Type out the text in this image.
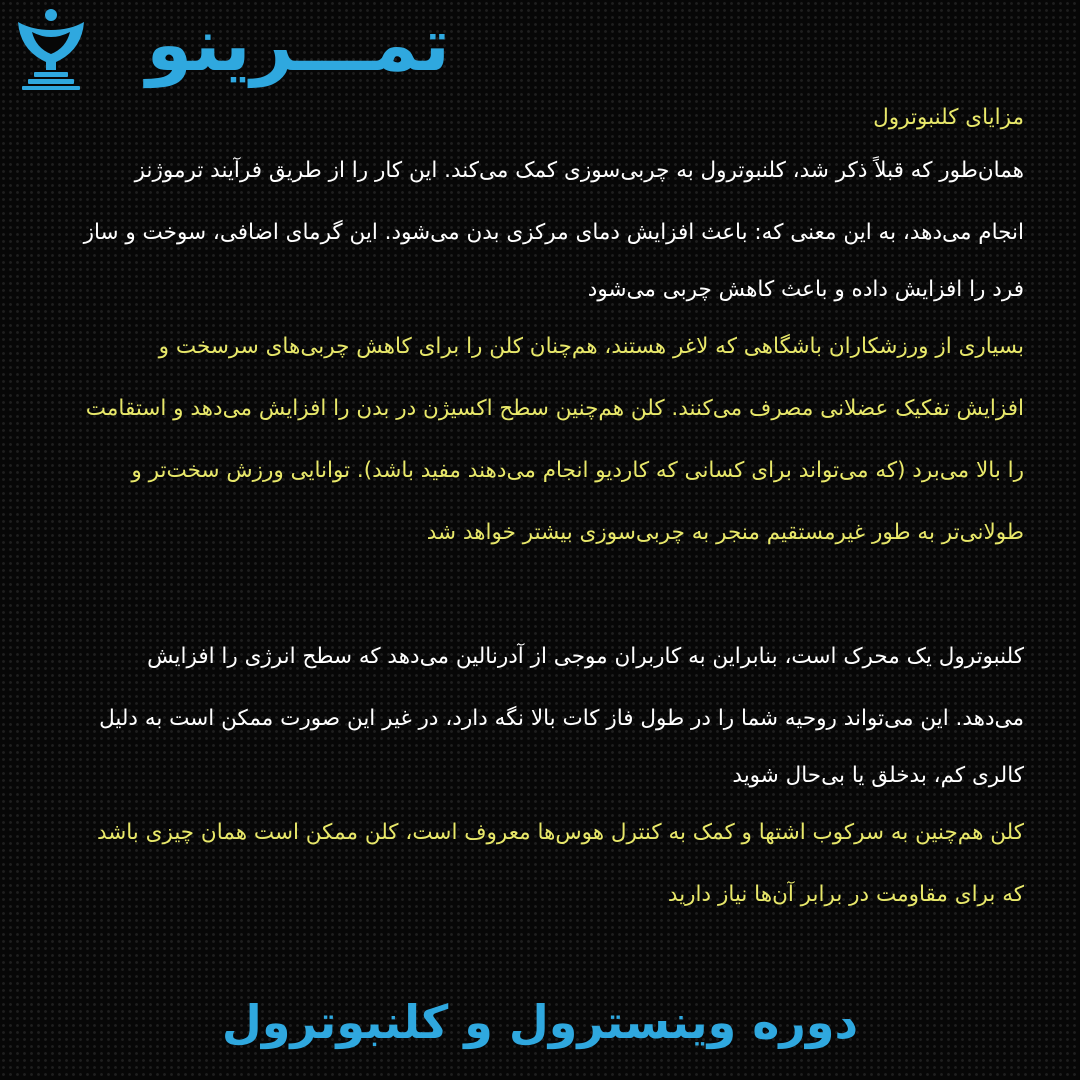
تمـــرینو
مزایای کلنبوترول
همان‌طور که قبلاً ذکر شد، کلنبوترول به چربی‌سوزی کمک می‌کند. این کار را از طریق فرآیند ترموژنز
انجام می‌دهد، به این معنی که: باعث افزایش دمای مرکزی بدن می‌شود. این گرمای اضافی، سوخت و ساز
فرد را افزایش داده و باعث کاهش چربی می‌شود
بسیاری از ورزشکاران باشگاهی که لاغر هستند، هم‌چنان کلن را برای کاهش چربی‌های سرسخت و
افزایش تفکیک عضلانی مصرف می‌کنند. کلن هم‌چنین سطح اکسیژن در بدن را افزایش می‌دهد و استقامت
را بالا می‌برد (که می‌تواند برای کسانی که کاردیو انجام می‌دهند مفید باشد). توانایی ورزش سخت‌تر و
طولانی‌تر به طور غیرمستقیم منجر به چربی‌سوزی بیشتر خواهد شد
کلنبوترول یک محرک است، بنابراین به کاربران موجی از آدرنالین می‌دهد که سطح انرژی را افزایش
می‌دهد. این می‌تواند روحیه شما را در طول فاز کات بالا نگه دارد، در غیر این صورت ممکن است به دلیل
کالری کم، بدخلق یا بی‌حال شوید
کلن هم‌چنین به سرکوب اشتها و کمک به کنترل هوس‌ها معروف است، کلن ممکن است همان چیزی باشد
که برای مقاومت در برابر آن‌ها نیاز دارید
دوره وینسترول و کلنبوترول
